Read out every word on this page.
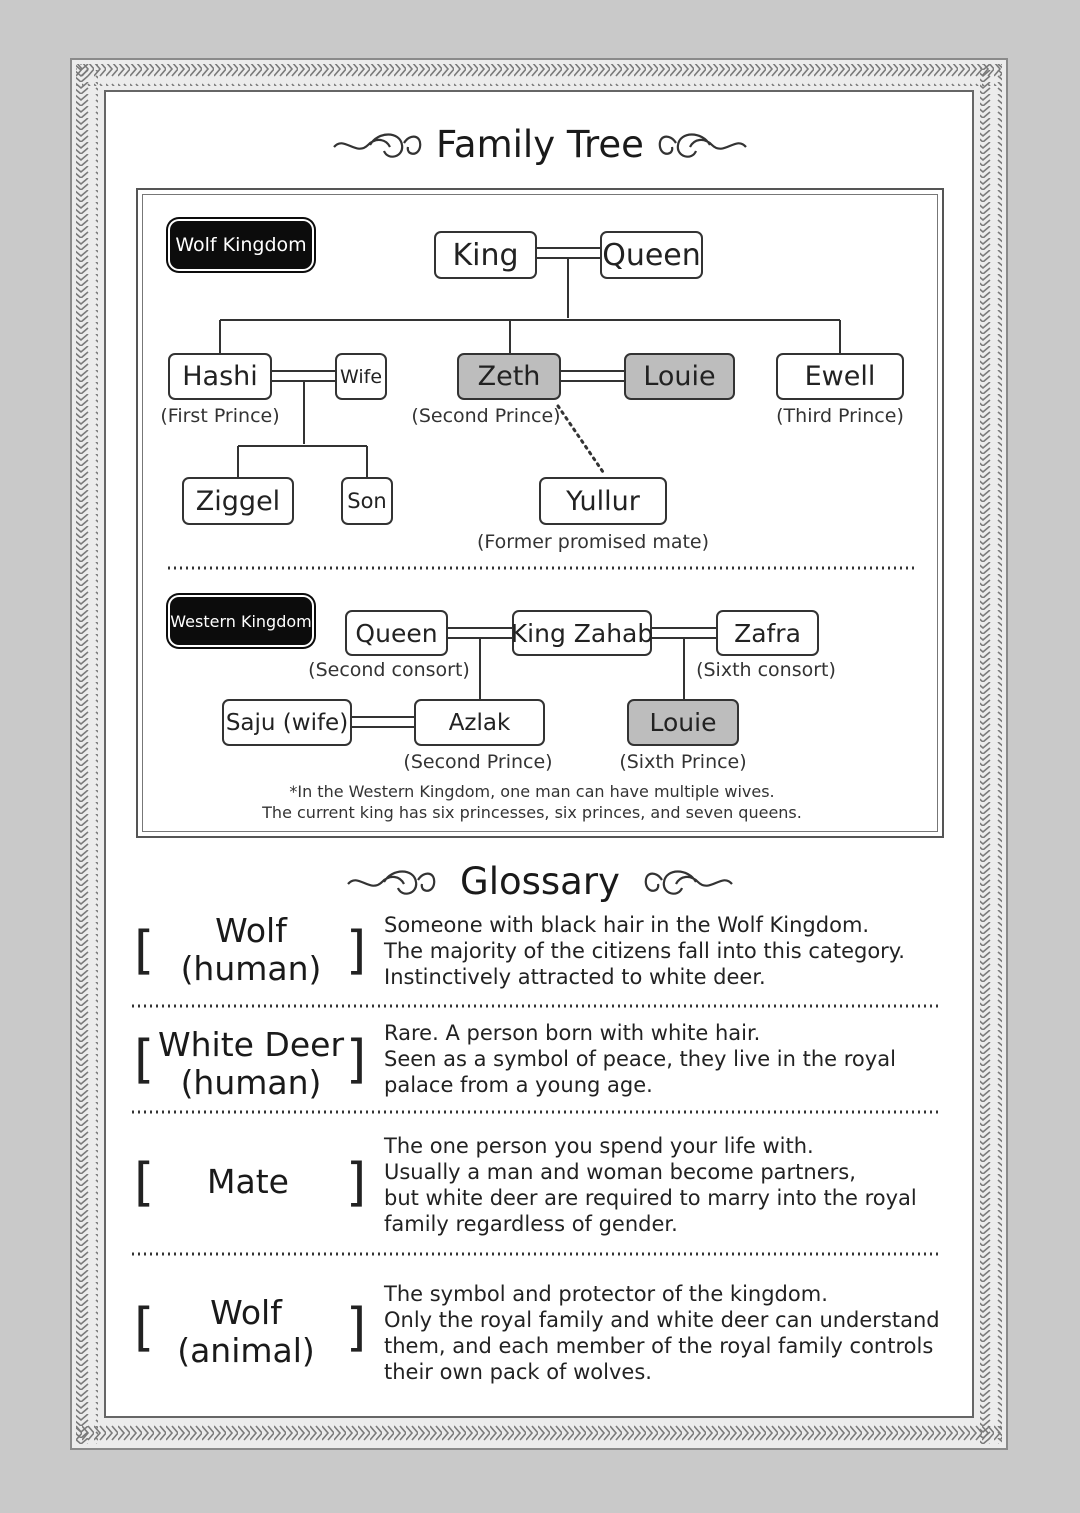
Family Tree
Wolf Kingdom	King	Queen
Hashi
(First Prince)
Wife	Zeth
(Second Prince)
Louie	Ewell
(Third Prince)
Ziggel	Son	Yullur
(Former promised mate)
Western Kingdom	Queen
(Second consort)
King Zahab	Zafra
(Sixth consort)
Saju (wife)	Azlak
(Second Prince)
Louie
(Sixth Prince)
*In the Western Kingdom, one man can have multiple wives.
The current king has six princesses, six princes, and seven queens.
Glossary
[	Wolf
(human) ] Someone with black hair in the Wolf Kingdom.
The majority of the citizens fall into this category.
Instinctively attracted to white deer.
[ White Deer
(human) ] Rare. A person born with white hair.
Seen as a symbol of peace, they live in the royal
palace from a young age.
[ Mate ]
The one person you spend your life with.
Usually a man and woman become partners,
but white deer are required to marry into the royal
family regardless of gender.
[	Wolf
(animal) ]
The symbol and protector of the kingdom.
Only the royal family and white deer can understand
them, and each member of the royal family controls
their own pack of wolves.
